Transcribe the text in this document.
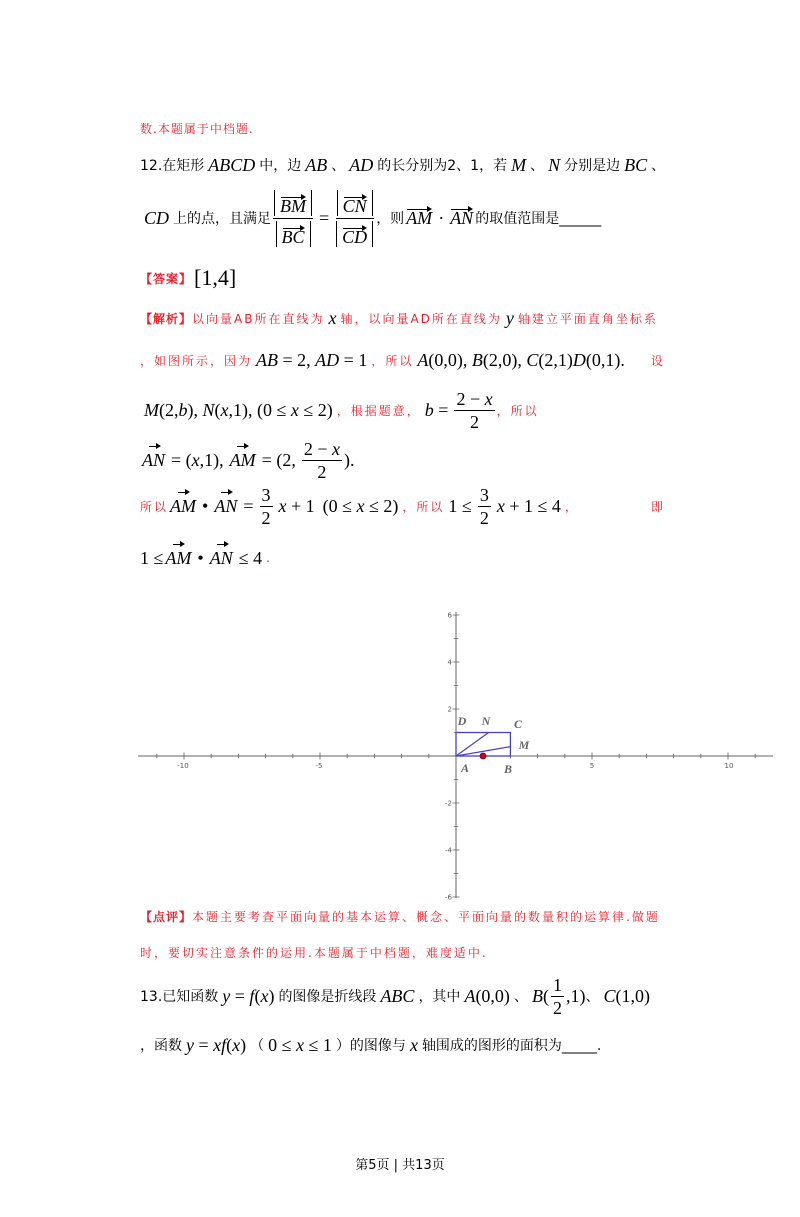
数.本题属于中档题.
12.在矩形 ABCD 中，边 AB 、 AD 的长分别为2、1，若 M 、 N 分别是边 BC 、
CD 上的点，且满足 $\frac{BM}{BC} = \frac{CN}{CD}$ ，则 AM · AN 的取值范围是______
【答案】 [1,4]
【解析】 以向量AB所在直线为 x 轴，以向量AD所在直线为 y 轴建立平面直角坐标系
，如图所示，因为 AB = 2, AD = 1 ，所以 A(0,0), B(2,0), C(2,1)D(0,1). 设
M(2,b), N(x,1), (0 ≤ x ≤ 2) ，根据题意， $b = \frac{2 - x}{2}$ ，所以
AN = (x,1), AM = (2, $\frac{2 - x}{2}$ ).
所以 AM • AN = $\frac{3}{2}$ x + 1 (0 ≤ x ≤ 2) ，所以 $1 \le \frac{3}{2}$ x + 1 ≤ 4 ，	即
1 ≤ AM • AN ≤ 4 .
-10	-5	5	10
6
4
2
-2
-4
-6
D N C
M
A	B
【点评】 本题主要考查平面向量的基本运算、概念、平面向量的数量积的运算律.做题
时，要切实注意条件的运用.本题属于中档题，难度适中.
13.已知函数 y = f(x) 的图像是折线段 ABC ，其中 A(0,0) 、 $B( \frac{1}{2} ,1)$ 、 C(1,0)
，函数 y = xf(x) （ 0 ≤ x ≤ 1 ）的图像与 x 轴围成的图形的面积为_____.
第5页 | 共13页
